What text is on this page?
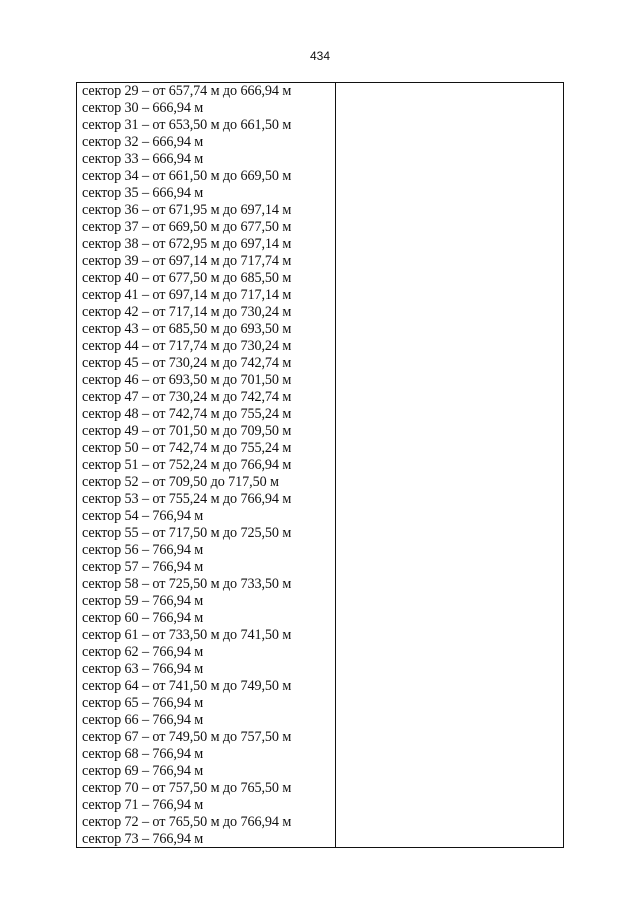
434
сектор 29 – от 657,74 м до 666,94 м
сектор 30 – 666,94 м
сектор 31 – от 653,50 м до 661,50 м
сектор 32 – 666,94 м
сектор 33 – 666,94 м
сектор 34 – от 661,50 м до 669,50 м
сектор 35 – 666,94 м
сектор 36 – от 671,95 м до 697,14 м
сектор 37 – от 669,50 м до 677,50 м
сектор 38 – от 672,95 м до 697,14 м
сектор 39 – от 697,14 м до 717,74 м
сектор 40 – от 677,50 м до 685,50 м
сектор 41 – от 697,14 м до 717,14 м
сектор 42 – от 717,14 м до 730,24 м
сектор 43 – от 685,50 м до 693,50 м
сектор 44 – от 717,74 м до 730,24 м
сектор 45 – от 730,24 м до 742,74 м
сектор 46 – от 693,50 м до 701,50 м
сектор 47 – от 730,24 м до 742,74 м
сектор 48 – от 742,74 м до 755,24 м
сектор 49 – от 701,50 м до 709,50 м
сектор 50 – от 742,74 м до 755,24 м
сектор 51 – от 752,24 м до 766,94 м
сектор 52 – от 709,50 до 717,50 м
сектор 53 – от 755,24 м до 766,94 м
сектор 54 – 766,94 м
сектор 55 – от 717,50 м до 725,50 м
сектор 56 – 766,94 м
сектор 57 – 766,94 м
сектор 58 – от 725,50 м до 733,50 м
сектор 59 – 766,94 м
сектор 60 – 766,94 м
сектор 61 – от 733,50 м до 741,50 м
сектор 62 – 766,94 м
сектор 63 – 766,94 м
сектор 64 – от 741,50 м до 749,50 м
сектор 65 – 766,94 м
сектор 66 – 766,94 м
сектор 67 – от 749,50 м до 757,50 м
сектор 68 – 766,94 м
сектор 69 – 766,94 м
сектор 70 – от 757,50 м до 765,50 м
сектор 71 – 766,94 м
сектор 72 – от 765,50 м до 766,94 м
сектор 73 – 766,94 м
